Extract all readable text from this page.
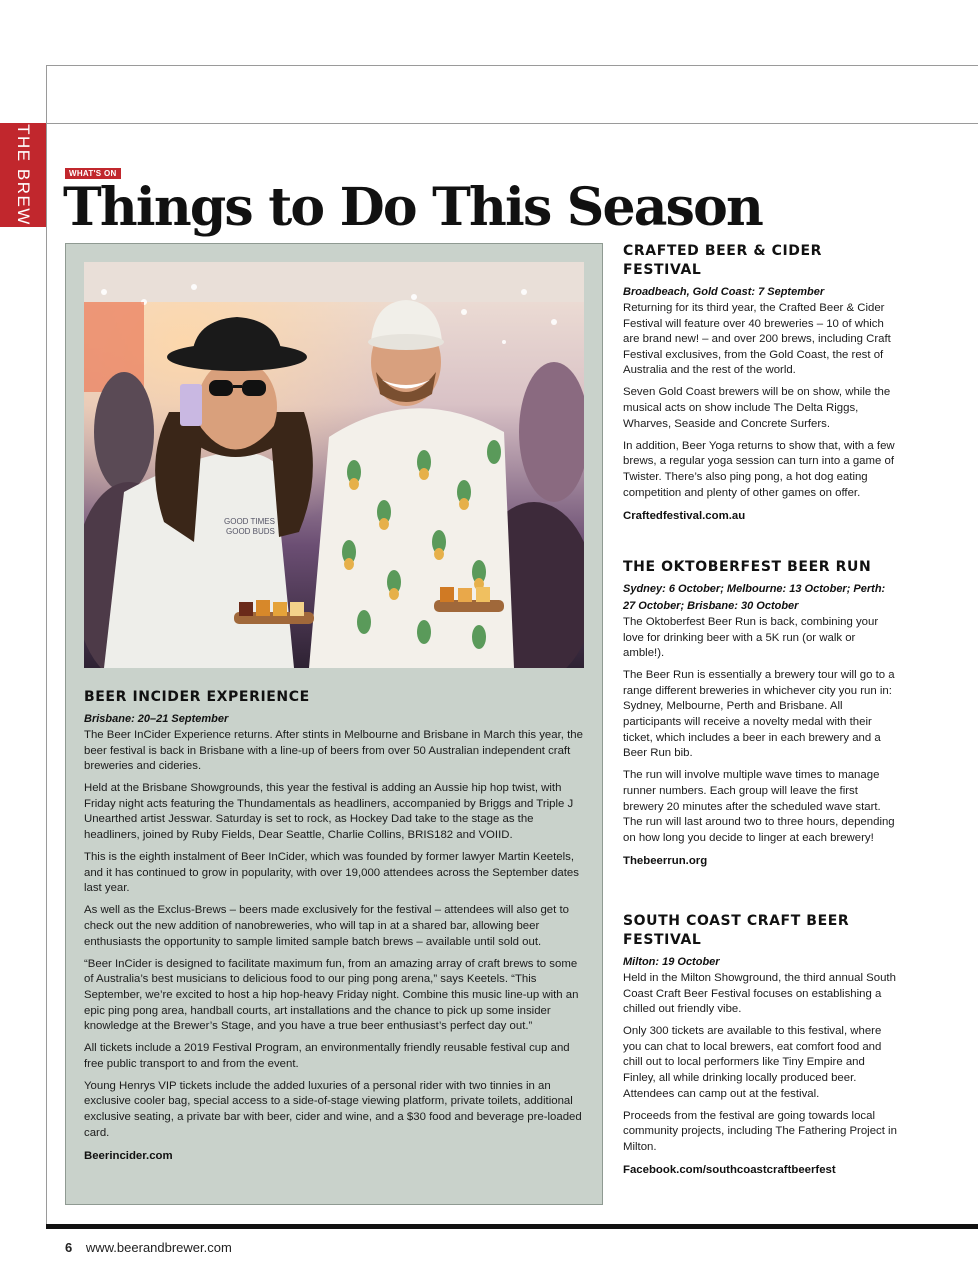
THE BREW	WHAT'S ON
Things to Do This Season
GOOD TIMES
GOOD BUDS
BEER INCIDER EXPERIENCE
Brisbane: 20–21 September

The Beer InCider Experience returns. After stints in Melbourne and Brisbane in March this year, the beer festival is back in Brisbane with a line-up of beers from over 50 Australian independent craft breweries and cideries.

Held at the Brisbane Showgrounds, this year the festival is adding an Aussie hip hop twist, with Friday night acts featuring the Thundamentals as headliners, accompanied by Briggs and Triple J Unearthed artist Jesswar. Saturday is set to rock, as Hockey Dad take to the stage as the headliners, joined by Ruby Fields, Dear Seattle, Charlie Collins, BRIS182 and VOIID.

This is the eighth instalment of Beer InCider, which was founded by former lawyer Martin Keetels, and it has continued to grow in popularity, with over 19,000 attendees across the September dates last year.

As well as the Exclus-Brews – beers made exclusively for the festival – attendees will also get to check out the new addition of nanobreweries, who will tap in at a shared bar, allowing beer enthusiasts the opportunity to sample limited sample batch brews – available until sold out.

“Beer InCider is designed to facilitate maximum fun, from an amazing array of craft brews to some of Australia’s best musicians to delicious food to our ping pong arena,” says Keetels. “This September, we’re excited to host a hip hop-heavy Friday night. Combine this music line-up with an epic ping pong area, handball courts, art installations and the chance to pick up some insider knowledge at the Brewer’s Stage, and you have a true beer enthusiast’s perfect day out.”

All tickets include a 2019 Festival Program, an environmentally friendly reusable festival cup and free public transport to and from the event.

Young Henrys VIP tickets include the added luxuries of a personal rider with two tinnies in an exclusive cooler bag, special access to a side-of-stage viewing platform, private toilets, additional exclusive seating, a private bar with beer, cider and wine, and a $30 food and beverage pre-loaded card.

Beerincider.com
CRAFTED BEER & CIDER FESTIVAL
Broadbeach, Gold Coast: 7 September

Returning for its third year, the Crafted Beer & Cider Festival will feature over 40 breweries – 10 of which are brand new! – and over 200 brews, including Craft Festival exclusives, from the Gold Coast, the rest of Australia and the rest of the world.

Seven Gold Coast brewers will be on show, while the musical acts on show include The Delta Riggs, Wharves, Seaside and Concrete Surfers.

In addition, Beer Yoga returns to show that, with a few brews, a regular yoga session can turn into a game of Twister. There’s also ping pong, a hot dog eating competition and plenty of other games on offer.

Craftedfestival.com.au
THE OKTOBERFEST BEER RUN
Sydney: 6 October; Melbourne: 13 October; Perth: 27 October; Brisbane: 30 October

The Oktoberfest Beer Run is back, combining your love for drinking beer with a 5K run (or walk or amble!).

The Beer Run is essentially a brewery tour will go to a range different breweries in whichever city you run in: Sydney, Melbourne, Perth and Brisbane. All participants will receive a novelty medal with their ticket, which includes a beer in each brewery and a Beer Run bib.

The run will involve multiple wave times to manage runner numbers. Each group will leave the first brewery 20 minutes after the scheduled wave start. The run will last around two to three hours, depending on how long you decide to linger at each brewery!

Thebeerrun.org
SOUTH COAST CRAFT BEER FESTIVAL
Milton: 19 October

Held in the Milton Showground, the third annual South Coast Craft Beer Festival focuses on establishing a chilled out friendly vibe.

Only 300 tickets are available to this festival, where you can chat to local brewers, eat comfort food and chill out to local performers like Tiny Empire and Finley, all while drinking locally produced beer. Attendees can camp out at the festival.

Proceeds from the festival are going towards local community projects, including The Fathering Project in Milton.

Facebook.com/southcoastcraftbeerfest
6 www.beerandbrewer.com
